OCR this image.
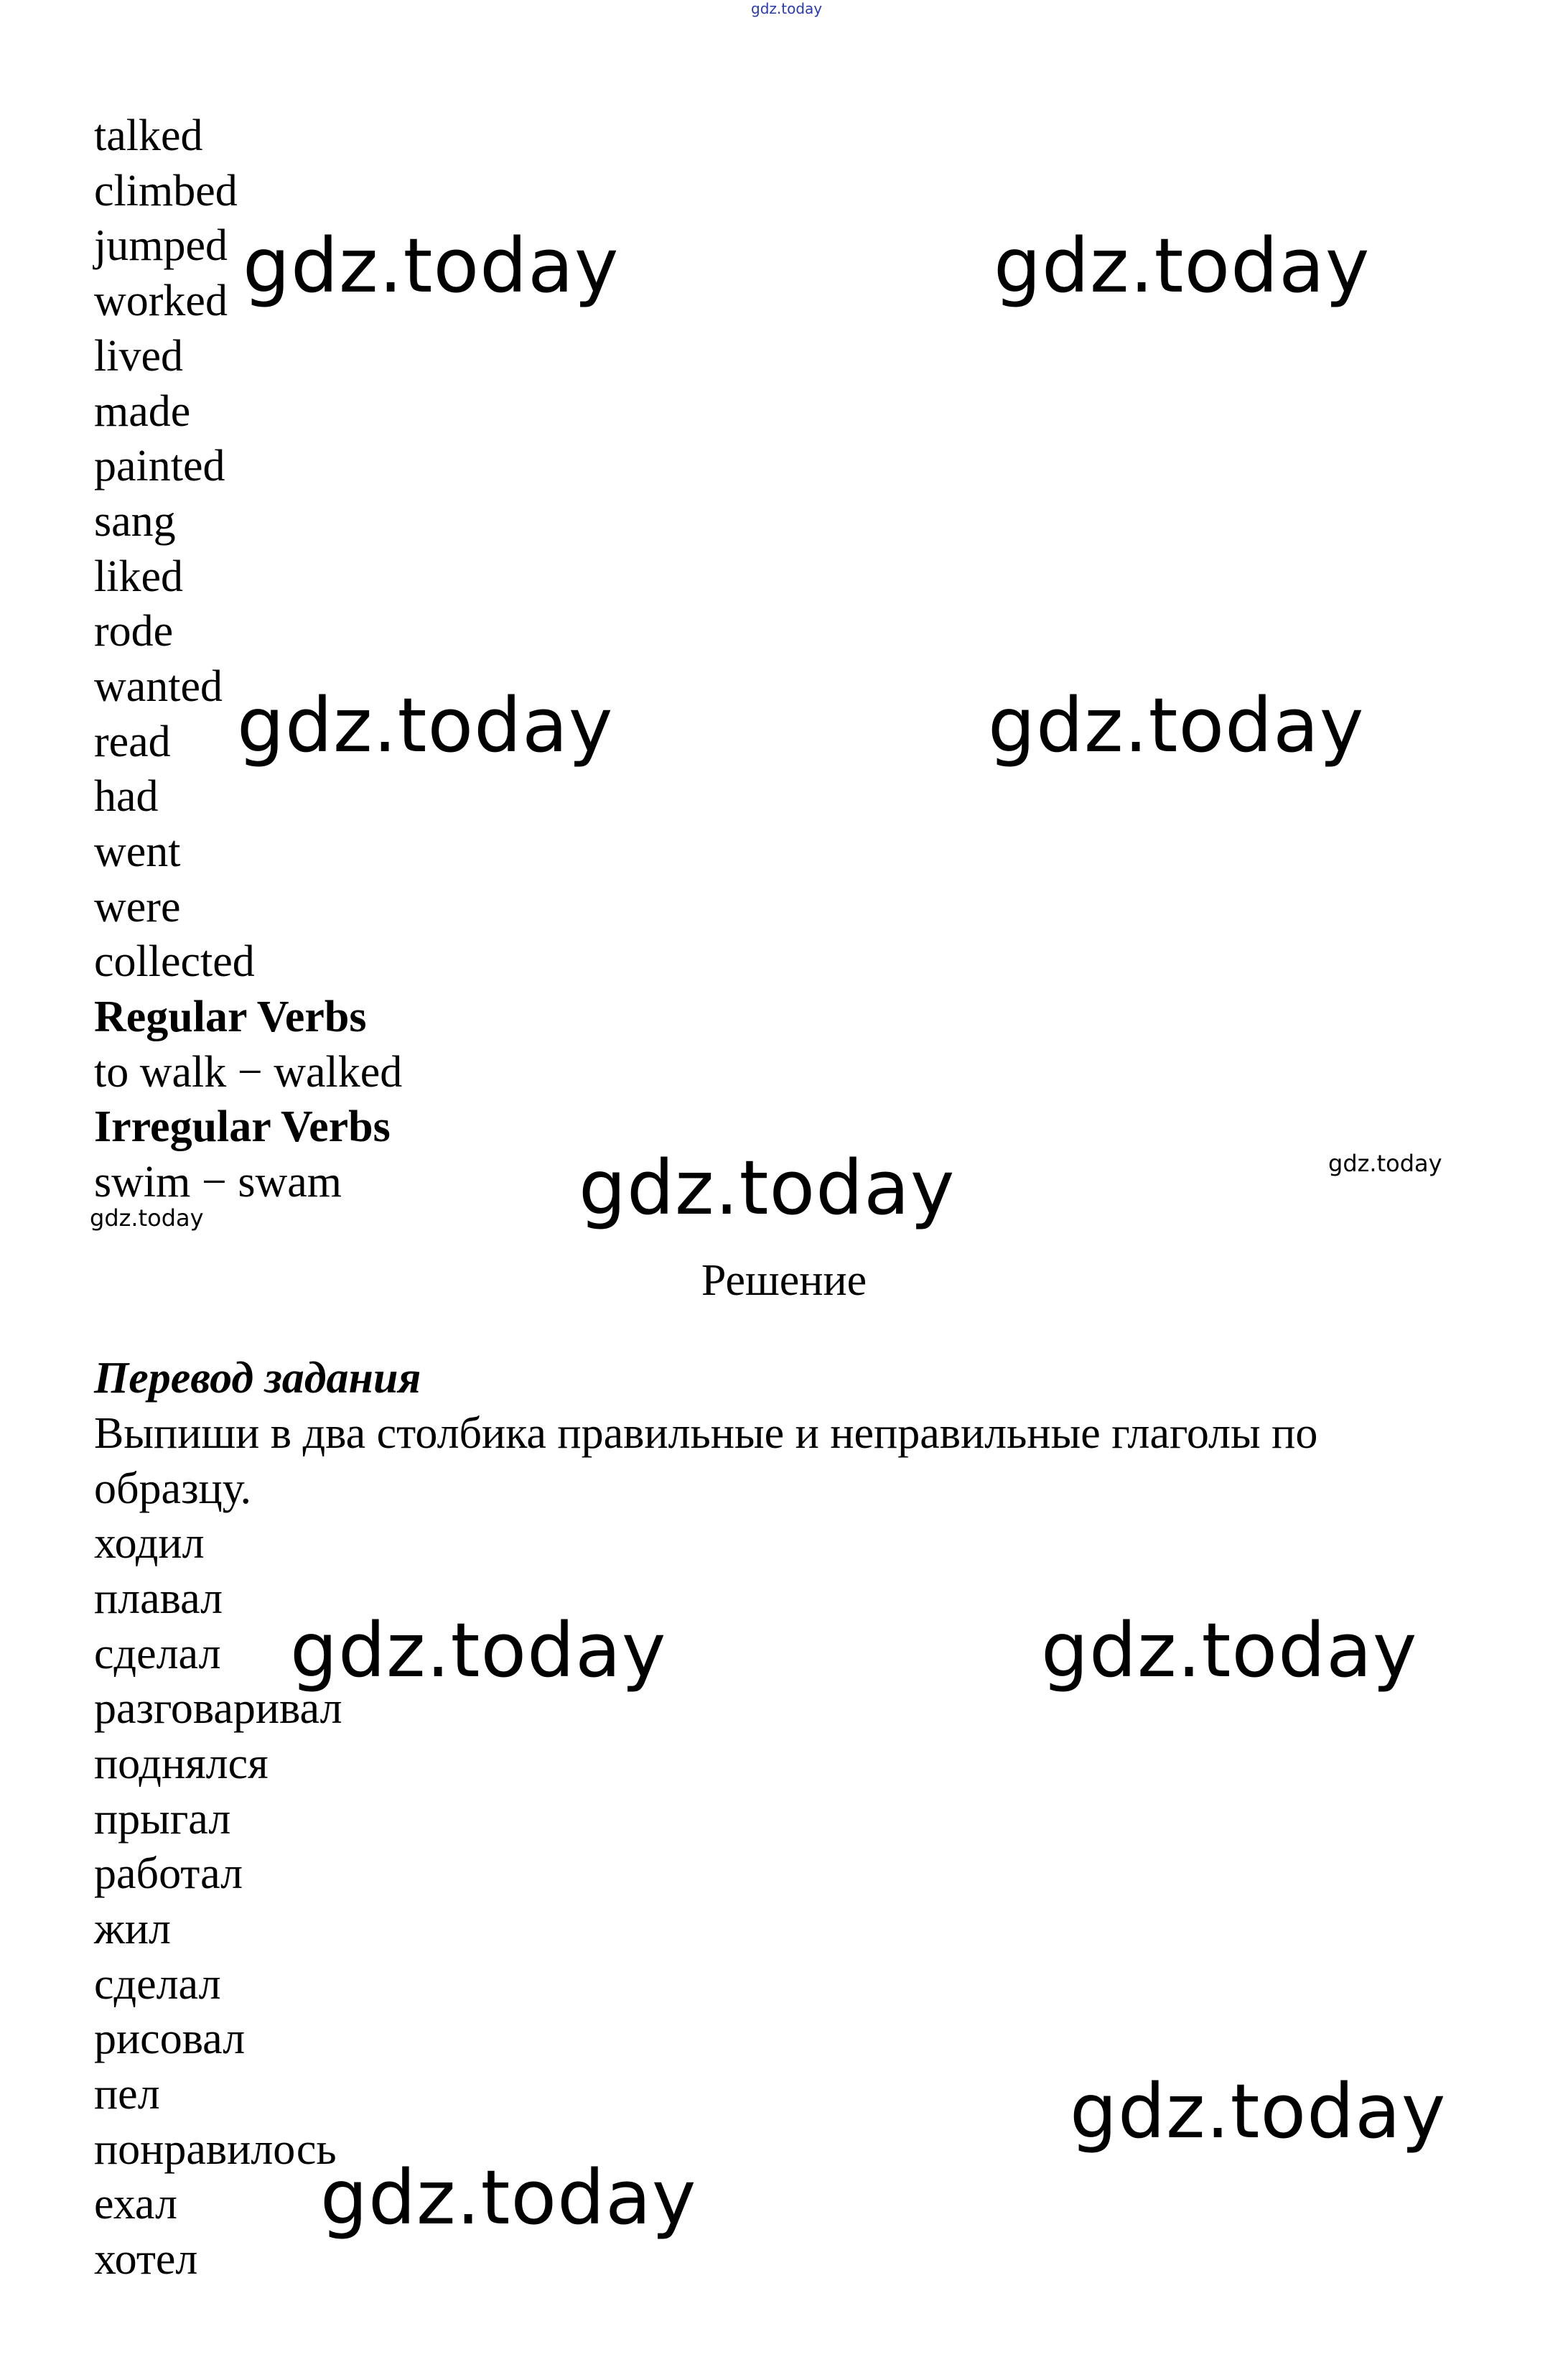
gdz.today
talked
climbed
jumped
worked
lived
made
painted
sang
liked
rode
wanted
read
had
went
were
collected
Regular Verbs
to walk − walked
Irregular Verbs
swim − swam
Решение
Перевод задания
Выпиши в два столбика правильные и неправильные глаголы по
образцу.
ходил
плавал
сделал
разговаривал
поднялся
прыгал
работал
жил
сделал
рисовал
пел
понравилось
ехал
хотел
gdz.today	gdz.today
gdz.today	gdz.today
gdz.today
gdz.today	gdz.today
gdz.today
gdz.today
gdz.today
gdz.today
